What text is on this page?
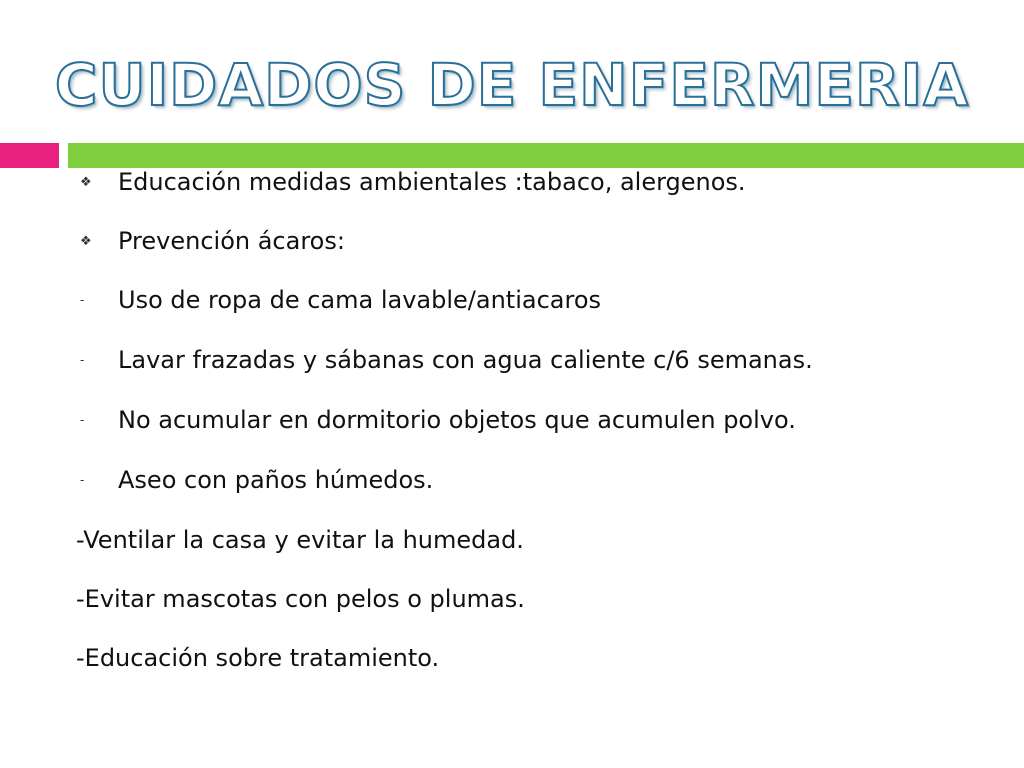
CUIDADOS DE ENFERMERIA
❖	Educación medidas ambientales :tabaco, alergenos.
❖	Prevención ácaros:
-	Uso de ropa de cama lavable/antiacaros
-	Lavar frazadas y sábanas con agua caliente c/6 semanas.
-	No acumular en dormitorio objetos que acumulen polvo.
-	Aseo con paños húmedos.
-Ventilar la casa y evitar la humedad.
-Evitar mascotas con pelos o plumas.
-Educación sobre tratamiento.
